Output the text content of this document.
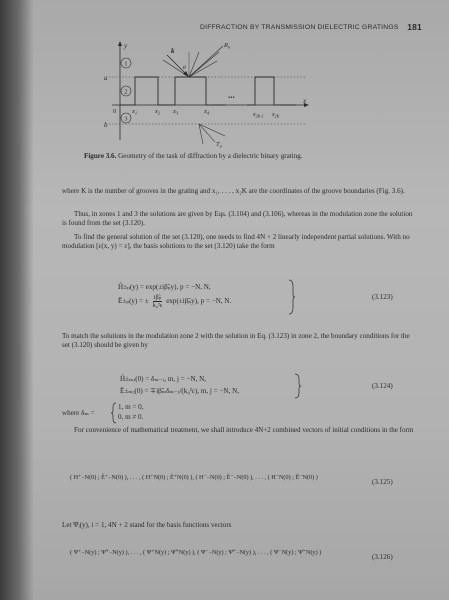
DIFFRACTION BY TRANSMISSION DIELECTRIC GRATINGS 181
y
x
a
b
0
1
2
3
...
$x_1$	$x_2$ $x_3$	$x_4$	$x_{2K-1}$ $x_{2K}$
k
θ
$R_n$
$T_p$
Figure 3.6. Geometry of the task of diffraction by a dielectric binary grating.
where K is the number of grooves in the grating and x₁, . . . , x₂K are the coordinates of the groove boundaries (Fig. 3.6).
Thus, in zones 1 and 3 the solutions are given by Eqs. (3.104) and (3.106), whereas in the modulation zone the solution is found from the set (3.120).
To find the general solution of the set (3.120), one needs to find 4N + 2 linearly independent partial solutions. With no modulation [ε(x, y) = ε], the basis solutions to the set (3.120) take the form
H̃±ₚ(y) = exp(±iβ̃ₚy), p = −N, N,
Ẽ±ₚ(y) = ± $\frac{\text{iβ̃ₚ}}{\text{k₀²ε}}$ exp(±iβ̃ₚy), p = −N, N.
(3.123)
To match the solutions in the modulation zone 2 with the solution in Eq. (3.123) in zone 2, the boundary conditions for the set (3.120) should be given by
H̃±ₘⱼ(0) = δₘ₋ⱼ, m, j = −N, N,
Ẽ±ₘⱼ(0) = ∓iβ̃ₘδₘ₋ⱼ/(k₀²ε), m, j = −N, N,
(3.124)
where δₘ =
1, m = 0,
0, m ≠ 0.
For convenience of mathematical treatment, we shall introduce 4N+2 combined vectors of initial conditions in the form
( H⁺₋N(0) ; Ẽ⁺₋N(0) ), . . . , ( H⁺N(0) ; Ẽ⁺N(0) ), ( H⁻₋N(0) ; Ẽ⁻₋N(0) ), . . . , ( H⁻N(0) ; Ẽ⁻N(0) )
(3.125)
Let Ψᵢ(y), i = 1, 4N + 2 stand for the basis functions vectors
( Ψ⁺₋N(y) ; Ψ̃⁺₋N(y) ), . . . , ( Ψ⁺N(y) ; Ψ̃⁺N(y) ), ( Ψ⁻₋N(y) ; Ψ̃⁻₋N(y) ), . . . , ( Ψ⁻N(y) ; Ψ̃⁻N(y) )
(3.126)
